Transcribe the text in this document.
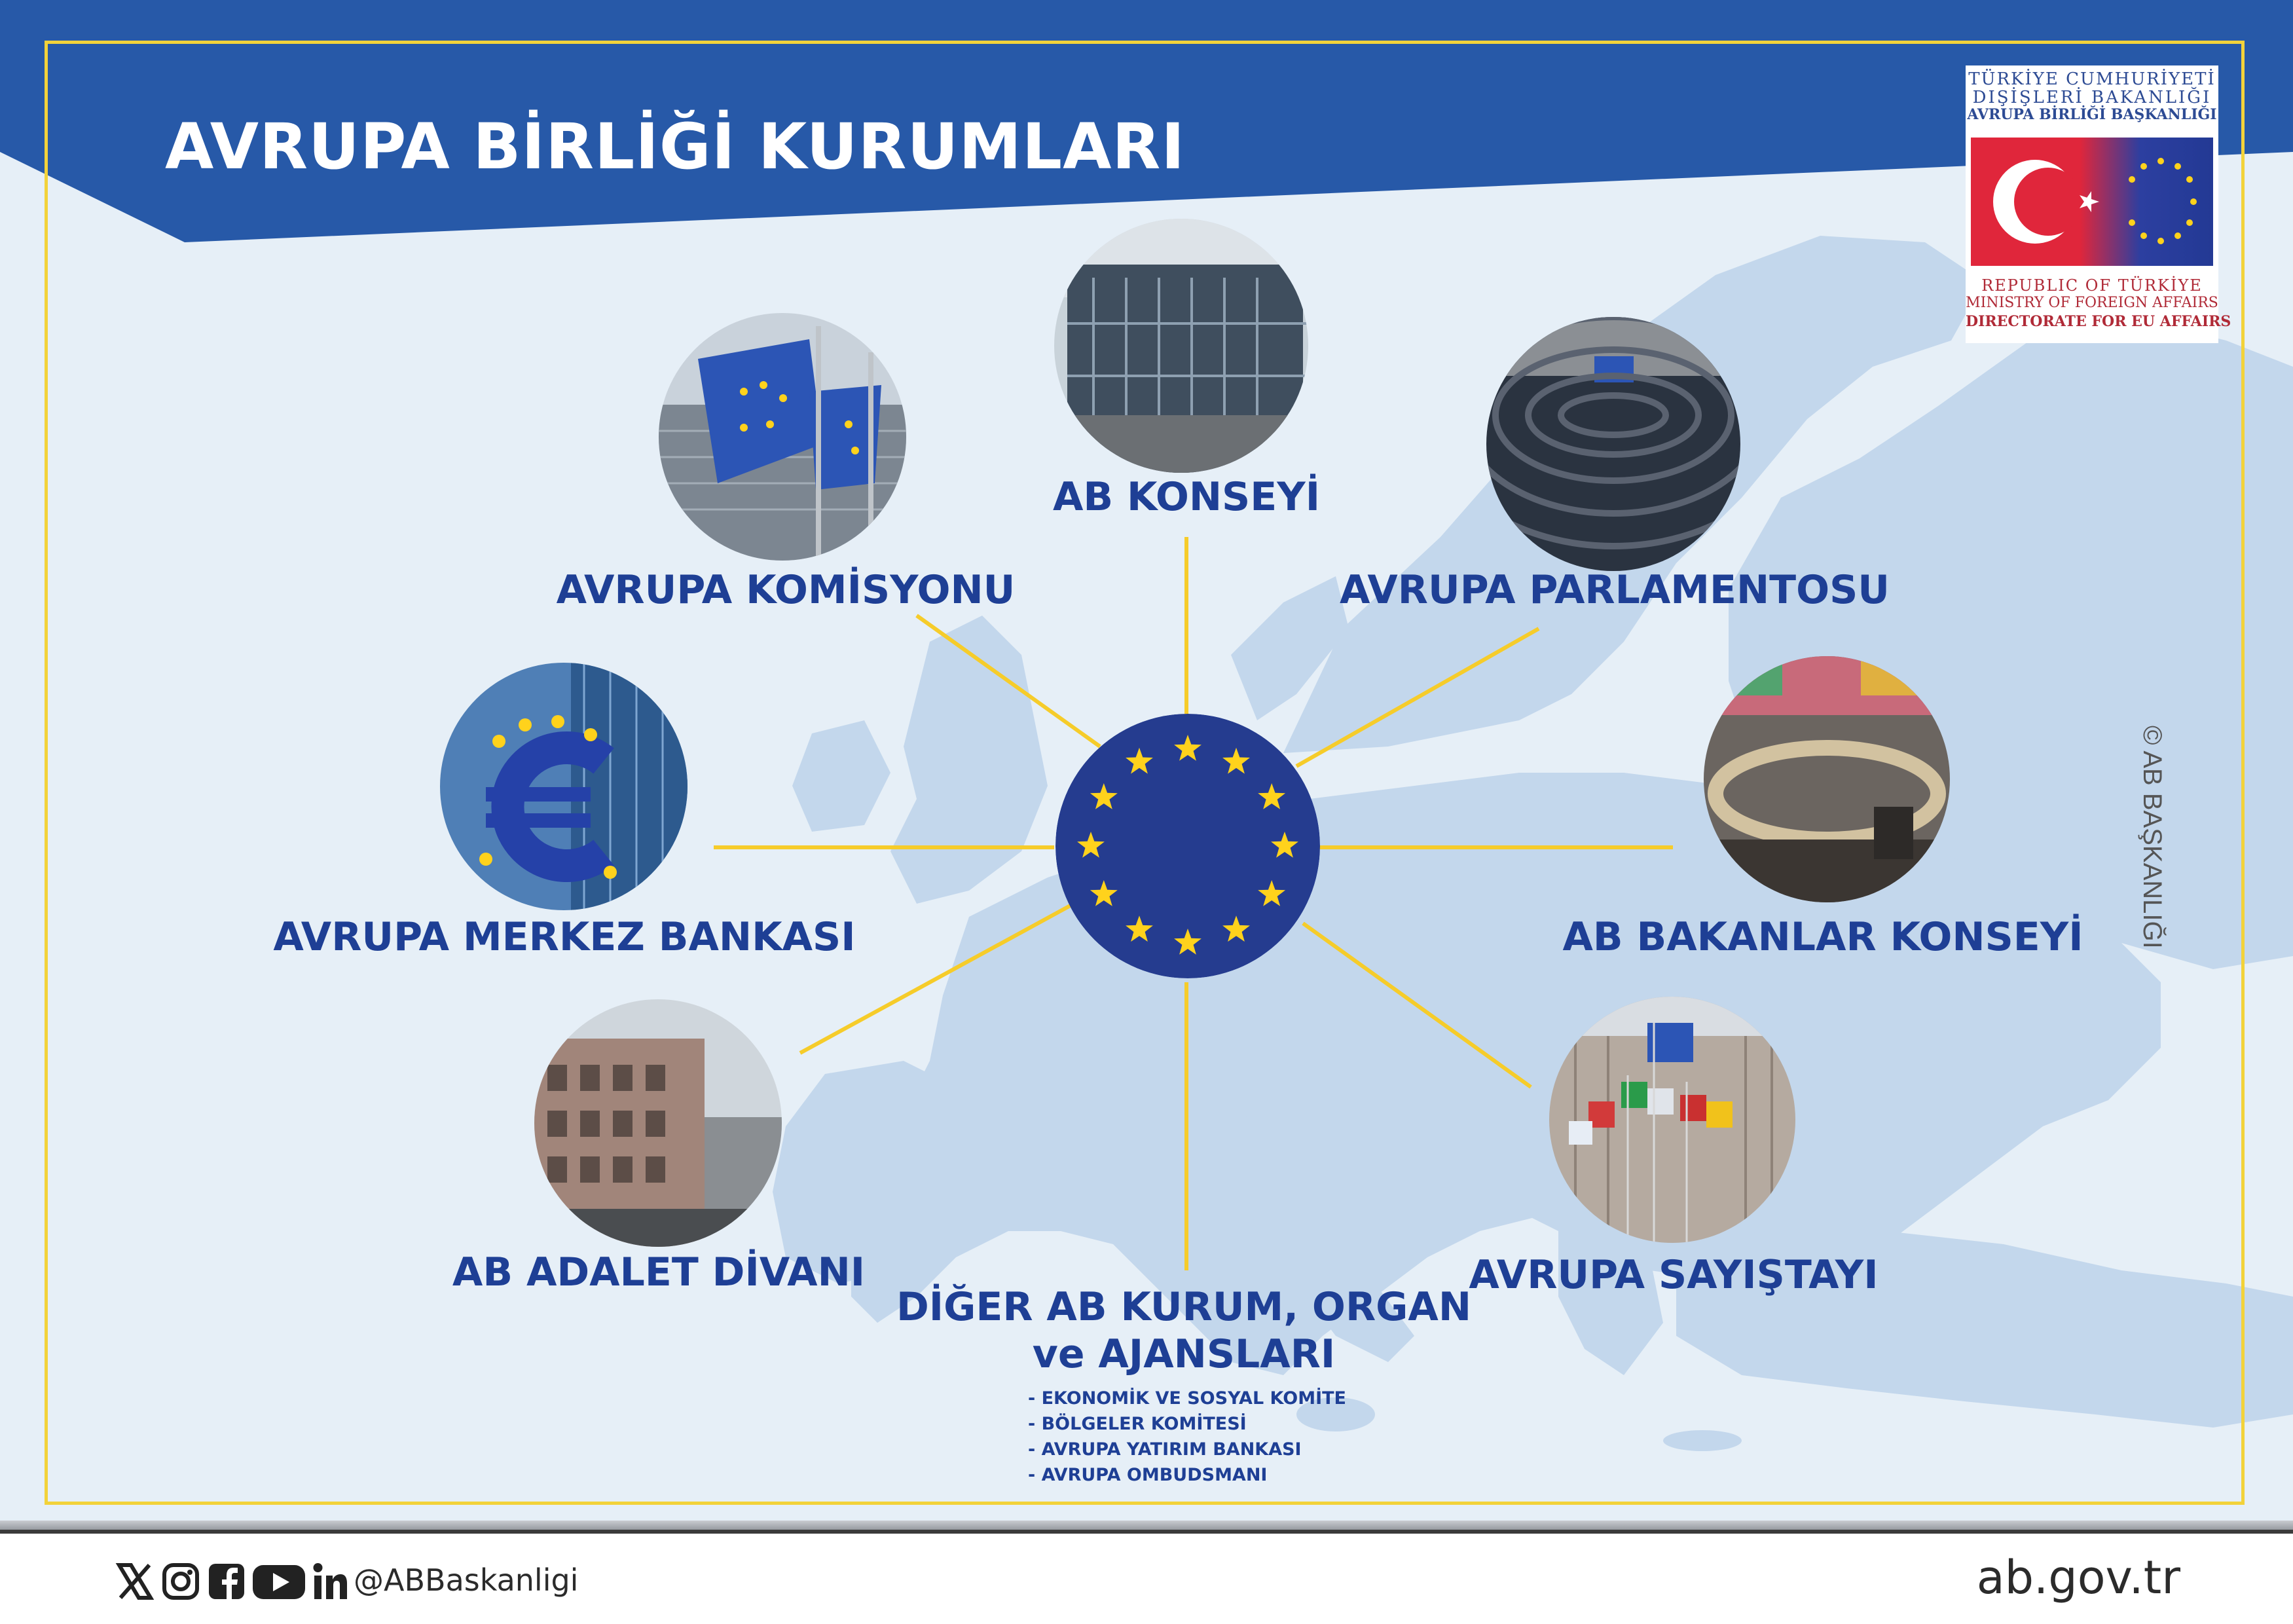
AVRUPA BİRLİĞİ KURUMLARI
AB KONSEYİ
AVRUPA KOMİSYONU	AVRUPA PARLAMENTOSU
AVRUPA MERKEZ BANKASI	AB BAKANLAR KONSEYİ
AB ADALET DİVANI	AVRUPA SAYIŞTAYI
DİĞER AB KURUM, ORGAN
ve AJANSLARI
- EKONOMİK VE SOSYAL KOMİTE
- BÖLGELER KOMİTESİ
- AVRUPA YATIRIM BANKASI
- AVRUPA OMBUDSMANI
TÜRKİYE CUMHURİYETİ
DIŞİŞLERİ BAKANLIĞI
AVRUPA BİRLİĞİ BAŞKANLIĞI
REPUBLIC OF TÜRKİYE
MINISTRY OF FOREIGN AFFAIRS
DIRECTORATE FOR EU AFFAIRS
© AB BAŞKANLIĞI
@ABBaskanligi	ab.gov.tr
